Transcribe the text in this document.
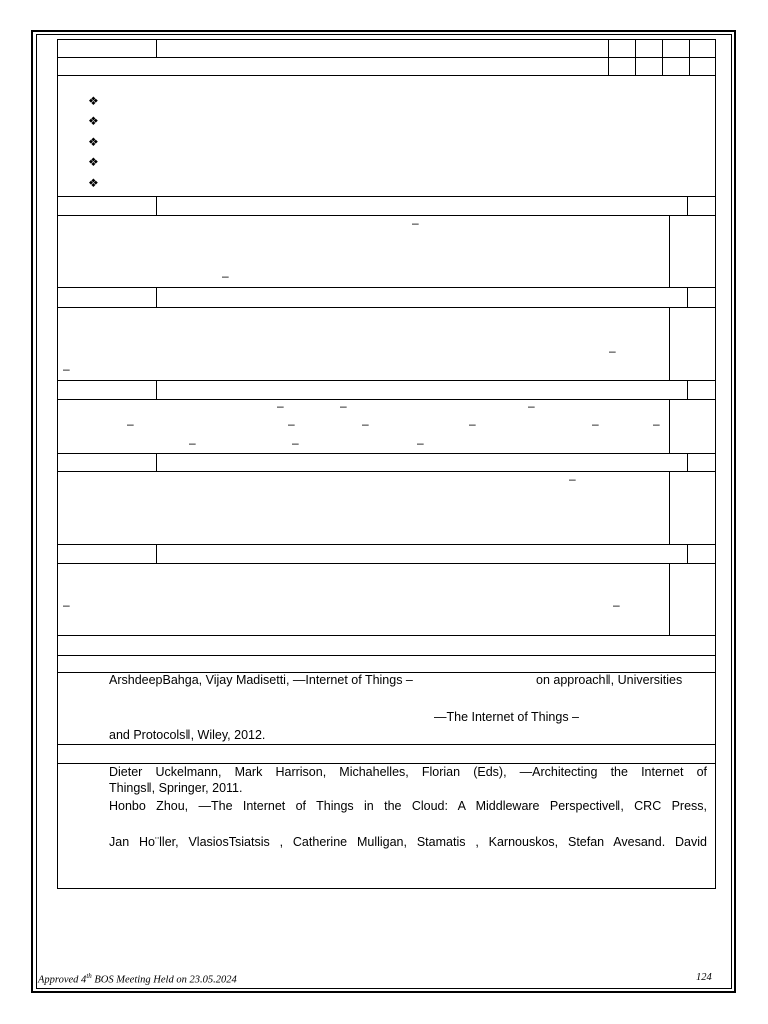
❖
❖
❖
❖
❖
–
–
–
–
–	–	–
–	–	–	–	–	–
–	–	–
–
–	–
ArshdeepBahga, Vijay Madisetti, ―Internet of Things –	on approach‖, Universities
―The Internet of Things –
and Protocols‖, Wiley, 2012.
Dieter Uckelmann, Mark Harrison, Michahelles, Florian (Eds), ―Architecting the Internet of
Things‖, Springer, 2011.
Honbo Zhou, ―The Internet of Things in the Cloud: A Middleware Perspective‖, CRC Press,
Jan Ho¨ller, VlasiosTsiatsis , Catherine Mulligan, Stamatis , Karnouskos, Stefan Avesand. David
Approved 4th BOS Meeting Held on 23.05.2024	124
